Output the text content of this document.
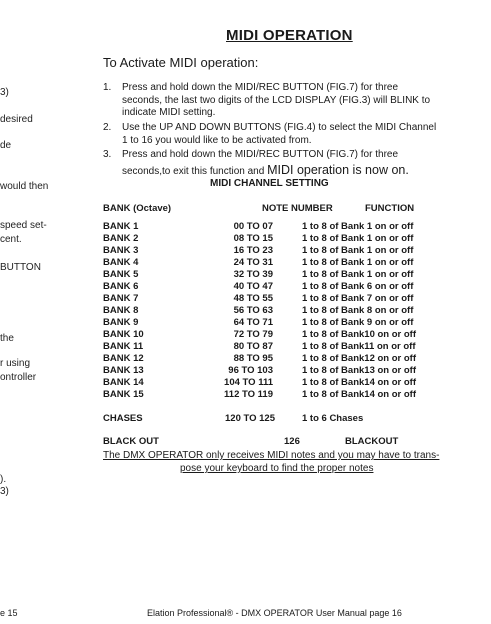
3)
desired
de
would then
speed set-
cent.
BUTTON
the
r using
ontroller
).
3)
e 15
MIDI OPERATION
To Activate MIDI operation:
1. Press and hold down the MIDI/REC BUTTON (FIG.7) for three
seconds, the last two digits of the LCD DISPLAY (FIG.3) will BLINK to
indicate MIDI setting.
2. Use the UP AND DOWN BUTTONS (FIG.4) to select the MIDI Channel
1 to 16 you would like to be activated from.
3. Press and hold down the MIDI/REC BUTTON (FIG.7) for three
seconds,to exit this function and MIDI operation is now on.
MIDI CHANNEL SETTING
BANK (Octave)	NOTE NUMBER	FUNCTION
BANK 1	00 TO 07	1 to 8 of Bank 1 on or off
BANK 2	08 TO 15	1 to 8 of Bank 1 on or off
BANK 3	16 TO 23	1 to 8 of Bank 1 on or off
BANK 4	24 TO 31	1 to 8 of Bank 1 on or off
BANK 5	32 TO 39	1 to 8 of Bank 1 on or off
BANK 6	40 TO 47	1 to 8 of Bank 6 on or off
BANK 7	48 TO 55	1 to 8 of Bank 7 on or off
BANK 8	56 TO 63	1 to 8 of Bank 8 on or off
BANK 9	64 TO 71	1 to 8 of Bank 9 on or off
BANK 10	72 TO 79	1 to 8 of Bank10 on or off
BANK 11	80 TO 87	1 to 8 of Bank11 on or off
BANK 12	88 TO 95	1 to 8 of Bank12 on or off
BANK 13	96 TO 103	1 to 8 of Bank13 on or off
BANK 14	104 TO 111	1 to 8 of Bank14 on or off
BANK 15	112 TO 119	1 to 8 of Bank14 on or off
CHASES	120 TO 125	1 to 6 Chases
BLACK OUT	126	BLACKOUT
The DMX OPERATOR only receives MIDI notes and you may have to trans-
pose your keyboard to find the proper notes
Elation Professional® - DMX OPERATOR User Manual page 16
